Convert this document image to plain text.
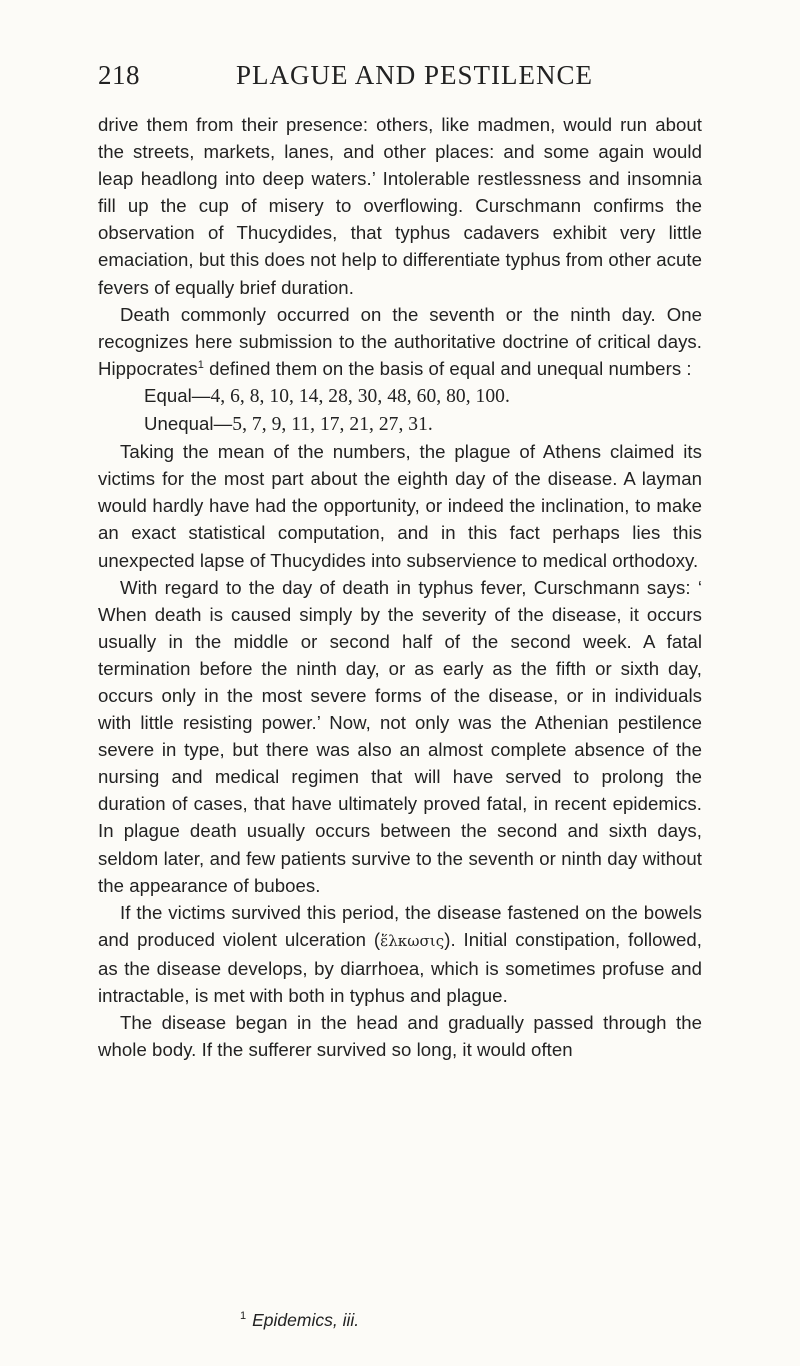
218	PLAGUE AND PESTILENCE

drive them from their presence: others, like madmen, would run about the streets, markets, lanes, and other places: and some again would leap headlong into deep waters.’ Intolerable restlessness and insomnia fill up the cup of misery to overflowing. Curschmann confirms the observation of Thucydides, that typhus cadavers exhibit very little emaciation, but this does not help to differentiate typhus from other acute fevers of equally brief duration.

Death commonly occurred on the seventh or the ninth day. One recognizes here submission to the authoritative doctrine of critical days. Hippocrates$^1$ defined them on the basis of equal and unequal numbers :

Equal—4, 6, 8, 10, 14, 28, 30, 48, 60, 80, 100.

Unequal—5, 7, 9, 11, 17, 21, 27, 31.

Taking the mean of the numbers, the plague of Athens claimed its victims for the most part about the eighth day of the disease. A layman would hardly have had the opportunity, or indeed the inclination, to make an exact statistical computation, and in this fact perhaps lies this unexpected lapse of Thucydides into subservience to medical orthodoxy.

With regard to the day of death in typhus fever, Curschmann says: ‘ When death is caused simply by the severity of the disease, it occurs usually in the middle or second half of the second week. A fatal termination before the ninth day, or as early as the fifth or sixth day, occurs only in the most severe forms of the disease, or in individuals with little resisting power.’ Now, not only was the Athenian pestilence severe in type, but there was also an almost complete absence of the nursing and medical regimen that will have served to prolong the duration of cases, that have ultimately proved fatal, in recent epidemics. In plague death usually occurs between the second and sixth days, seldom later, and few patients survive to the seventh or ninth day without the appearance of buboes.

If the victims survived this period, the disease fastened on the bowels and produced violent ulceration (ἕλκωσις). Initial constipation, followed, as the disease develops, by diarrhoea, which is sometimes profuse and intractable, is met with both in typhus and plague.

The disease began in the head and gradually passed through the whole body. If the sufferer survived so long, it would often

$^1$ Epidemics, iii.
